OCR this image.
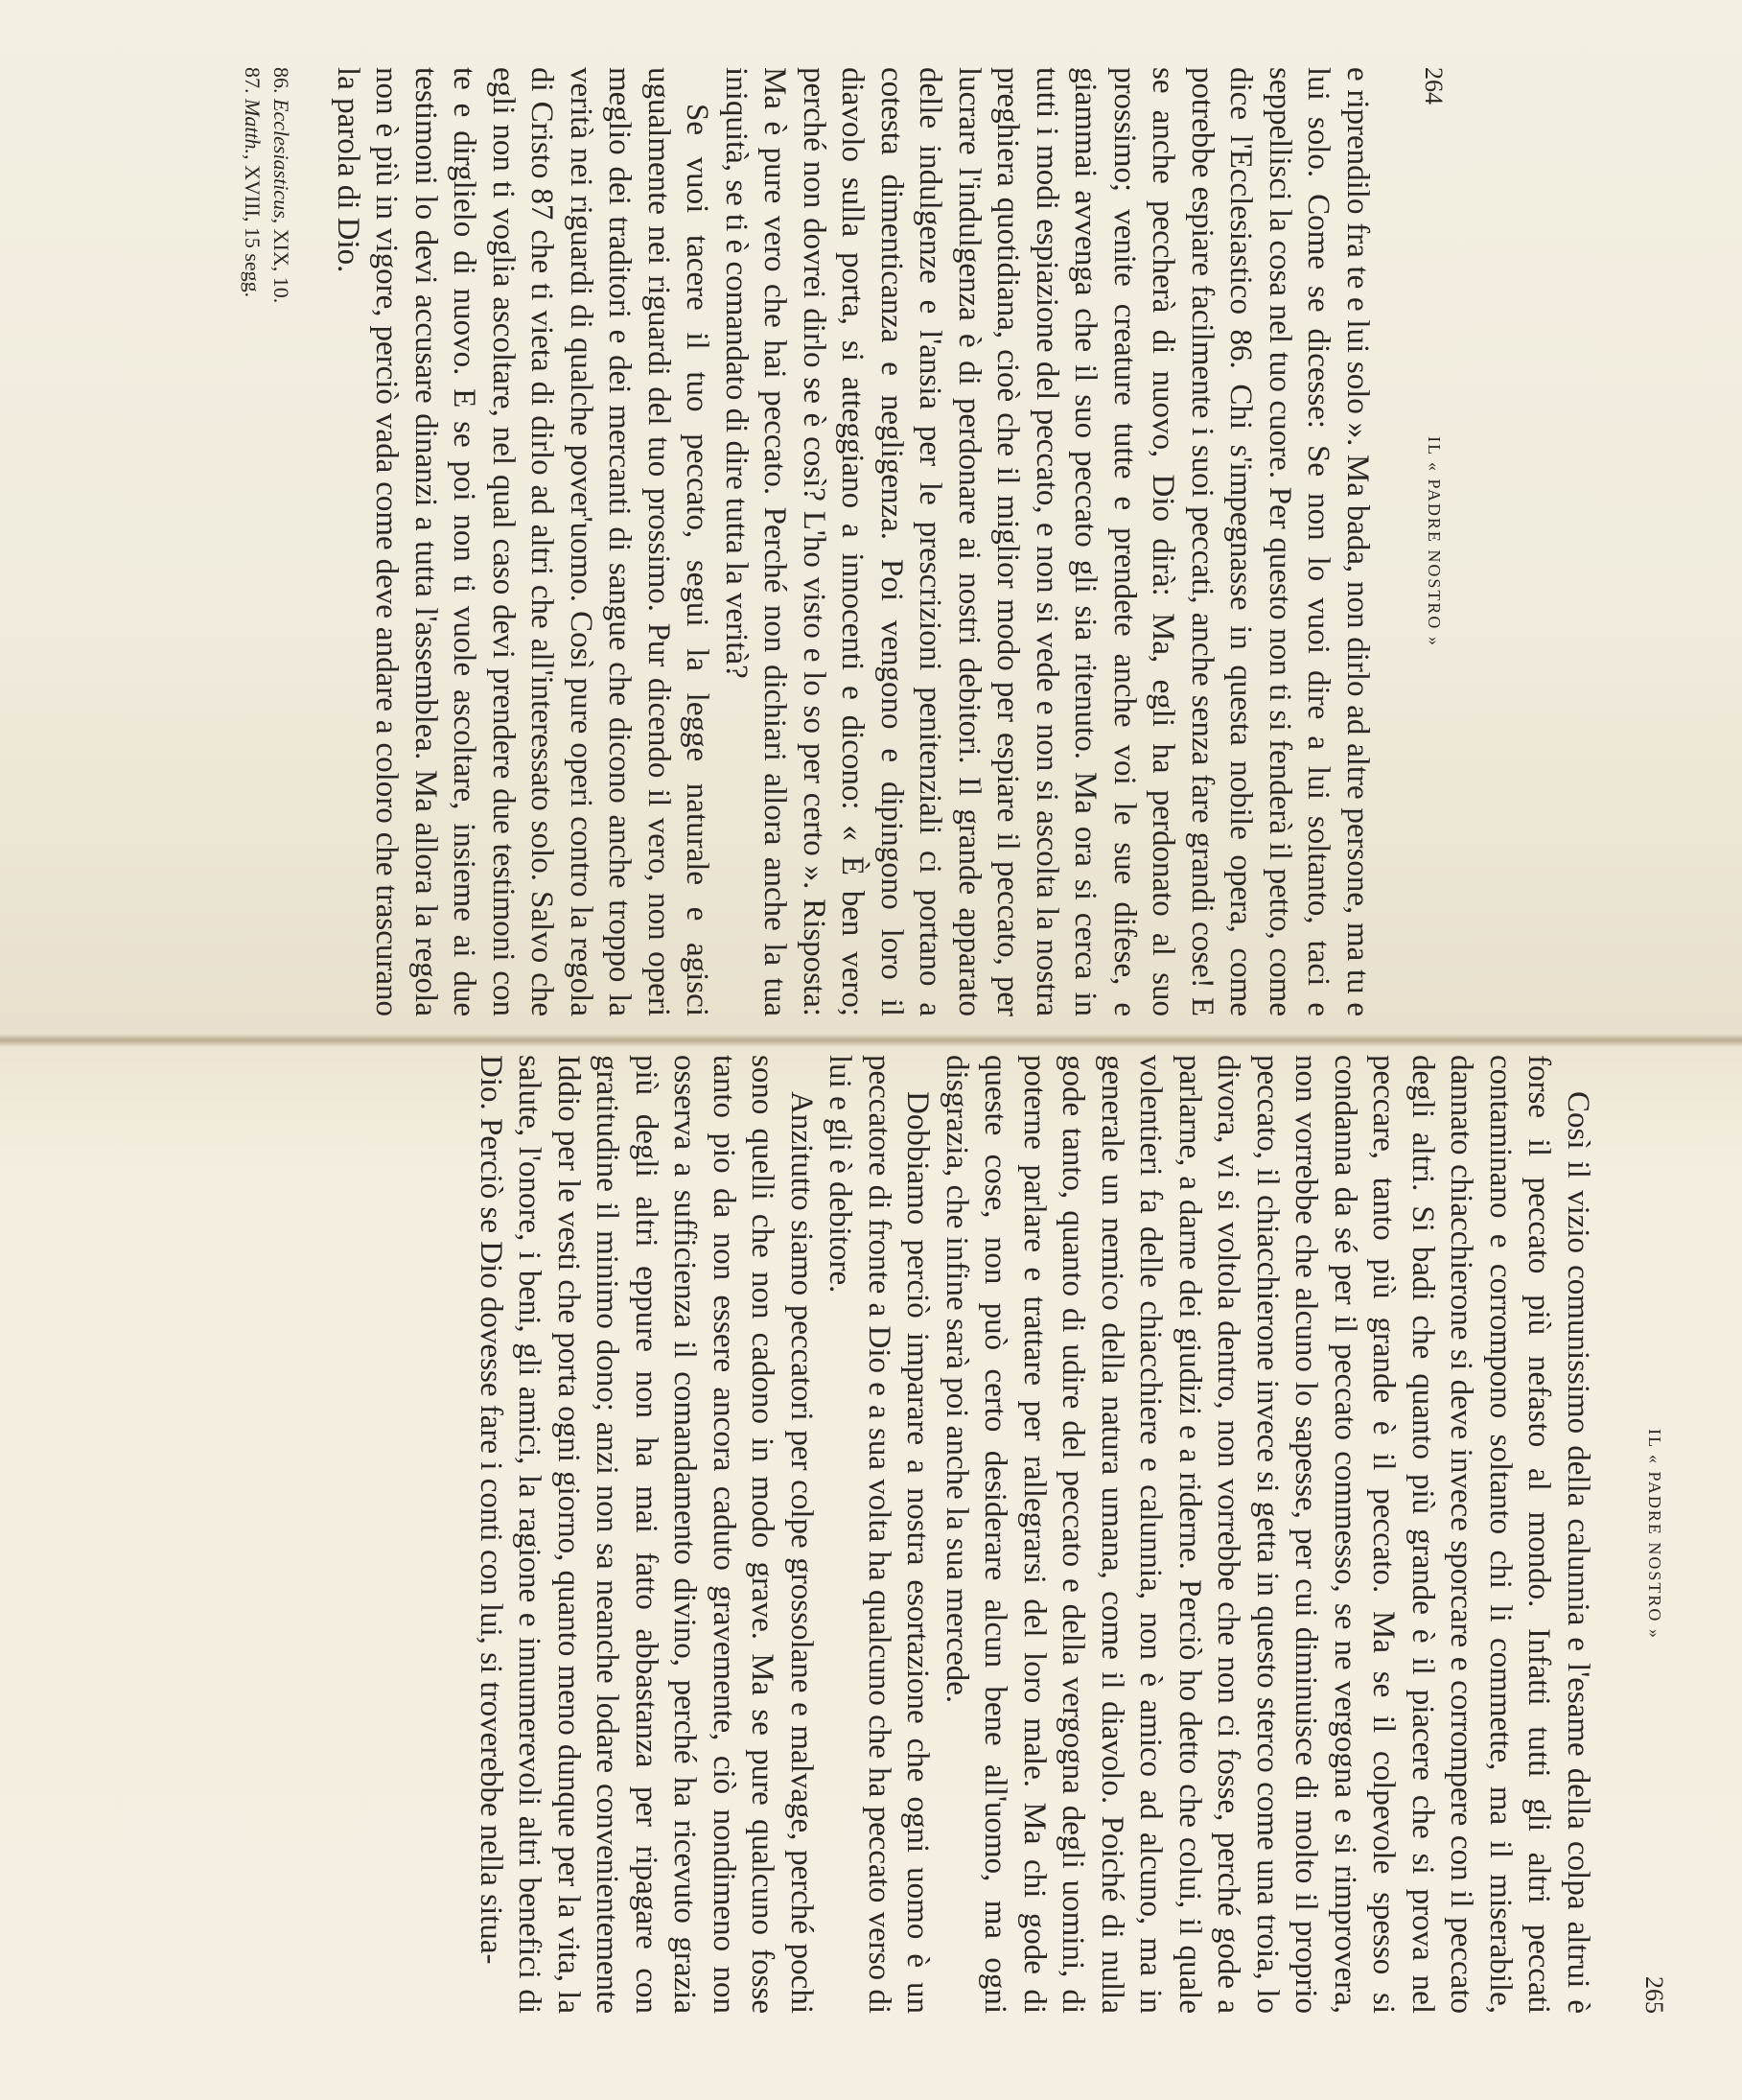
264
IL « PADRE NOSTRO »

e riprendilo fra te e lui solo ». Ma bada, non dirlo ad altre persone, ma tu e lui solo. Come se dicesse: Se non lo vuoi dire a lui soltanto, taci e seppellisci la cosa nel tuo cuore. Per questo non ti si fenderà il petto, come dice l'Ecclesiastico 86. Chi s'impegnasse in questa nobile opera, come potrebbe espiare facilmente i suoi peccati, anche senza fare grandi cose! E se anche peccherà di nuovo, Dio dirà: Ma, egli ha perdonato al suo prossimo; venite creature tutte e prendete anche voi le sue difese, e giammai avvenga che il suo peccato gli sia ritenuto. Ma ora si cerca in tutti i modi espiazione del peccato, e non si vede e non si ascolta la nostra preghiera quotidiana, cioè che il miglior modo per espiare il peccato, per lucrare l'indulgenza è di perdonare ai nostri debitori. Il grande apparato delle indulgenze e l'ansia per le prescrizioni penitenziali ci portano a cotesta dimenticanza e negligenza. Poi vengono e dipingono loro il diavolo sulla porta, si atteggiano a innocenti e dicono: « È ben vero; perché non dovrei dirlo se è così? L'ho visto e lo so per certo ». Risposta: Ma è pure vero che hai peccato. Perché non dichiari allora anche la tua iniquità, se ti è comandato di dire tutta la verità?

Se vuoi tacere il tuo peccato, segui la legge naturale e agisci ugualmente nei riguardi del tuo prossimo. Pur dicendo il vero, non operi meglio dei traditori e dei mercanti di sangue che dicono anche troppo la verità nei riguardi di qualche pover'uomo. Così pure operi contro la regola di Cristo 87 che ti vieta di dirlo ad altri che all'interessato solo. Salvo che egli non ti voglia ascoltare, nel qual caso devi prendere due testimoni con te e dirglielo di nuovo. E se poi non ti vuole ascoltare, insieme ai due testimoni lo devi accusare dinanzi a tutta l'assemblea. Ma allora la regola non è più in vigore, perciò vada come deve andare a coloro che trascurano la parola di Dio.

86. Ecclesiasticus, XIX, 10.
87. Matth., XVIII, 15 segg.
IL « PADRE NOSTRO »
265

Così il vizio comunissimo della calunnia e l'esame della colpa altrui è forse il peccato più nefasto al mondo. Infatti tutti gli altri peccati contaminano e corrompono soltanto chi li commette, ma il miserabile, dannato chiacchierone si deve invece sporcare e corrompere con il peccato degli altri. Si badi che quanto più grande è il piacere che si prova nel peccare, tanto più grande è il peccato. Ma se il colpevole spesso si condanna da sé per il peccato commesso, se ne vergogna e si rimprovera, non vorrebbe che alcuno lo sapesse, per cui diminuisce di molto il proprio peccato, il chiacchierone invece si getta in questo sterco come una troia, lo divora, vi si voltola dentro, non vorrebbe che non ci fosse, perché gode a parlarne, a darne dei giudizi e a riderne. Perciò ho detto che colui, il quale volentieri fa delle chiacchiere e calunnia, non è amico ad alcuno, ma in generale un nemico della natura umana, come il diavolo. Poiché di nulla gode tanto, quanto di udire del peccato e della vergogna degli uomini, di poterne parlare e trattare per rallegrarsi del loro male. Ma chi gode di queste cose, non può certo desiderare alcun bene all'uomo, ma ogni disgrazia, che infine sarà poi anche la sua mercede.

Dobbiamo perciò imparare a nostra esortazione che ogni uomo è un peccatore di fronte a Dio e a sua volta ha qualcuno che ha peccato verso di lui e gli è debitore.

Anzitutto siamo peccatori per colpe grossolane e malvage, perché pochi sono quelli che non cadono in modo grave. Ma se pure qualcuno fosse tanto pio da non essere ancora caduto gravemente, ciò nondimeno non osserva a sufficienza il comandamento divino, perché ha ricevuto grazia più degli altri eppure non ha mai fatto abbastanza per ripagare con gratitudine il minimo dono; anzi non sa neanche lodare convenientemente Iddio per le vesti che porta ogni giorno, quanto meno dunque per la vita, la salute, l'onore, i beni, gli amici, la ragione e innumerevoli altri benefici di Dio. Perciò se Dio dovesse fare i conti con lui, si troverebbe nella situa-
